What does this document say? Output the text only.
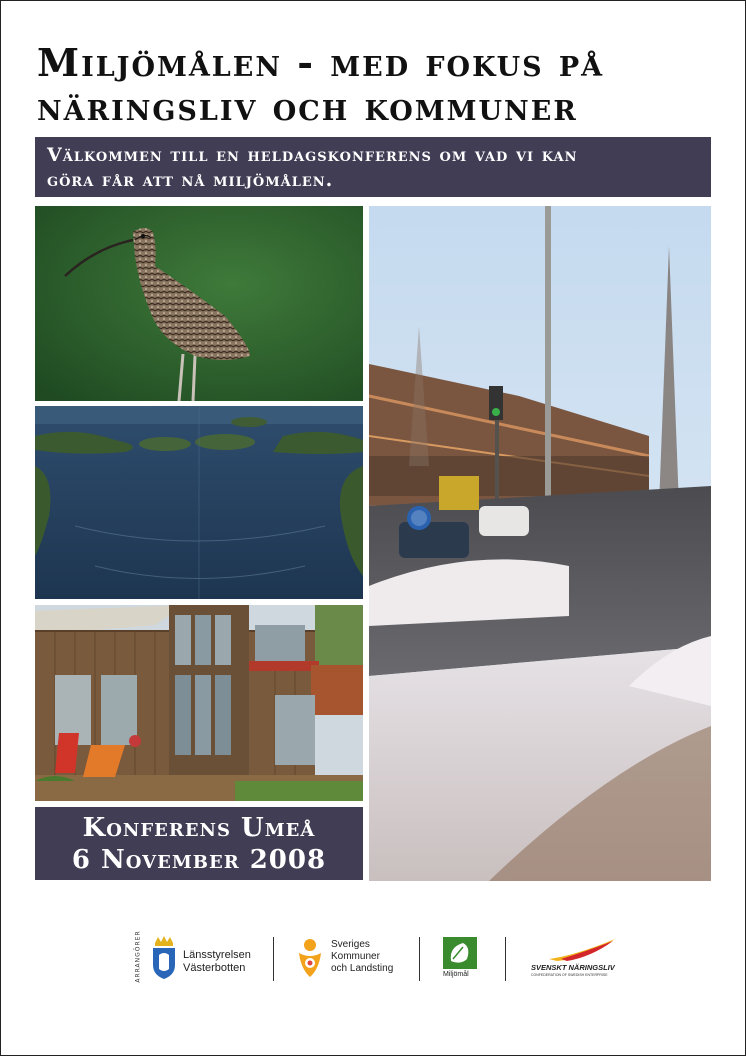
Miljömålen - med fokus på
näringsliv och kommuner
Välkommen till en heldagskonferens om vad vi kan
göra får att nå miljömålen.
Konferens Umeå
6 November 2008
ARRANGÖRER	Länsstyrelsen
Västerbotten
Sveriges
Kommuner
och Landsting
Miljömål
SVENSKT NÄRINGSLIV
CONFEDERATION OF SWEDISH ENTERPRISE
